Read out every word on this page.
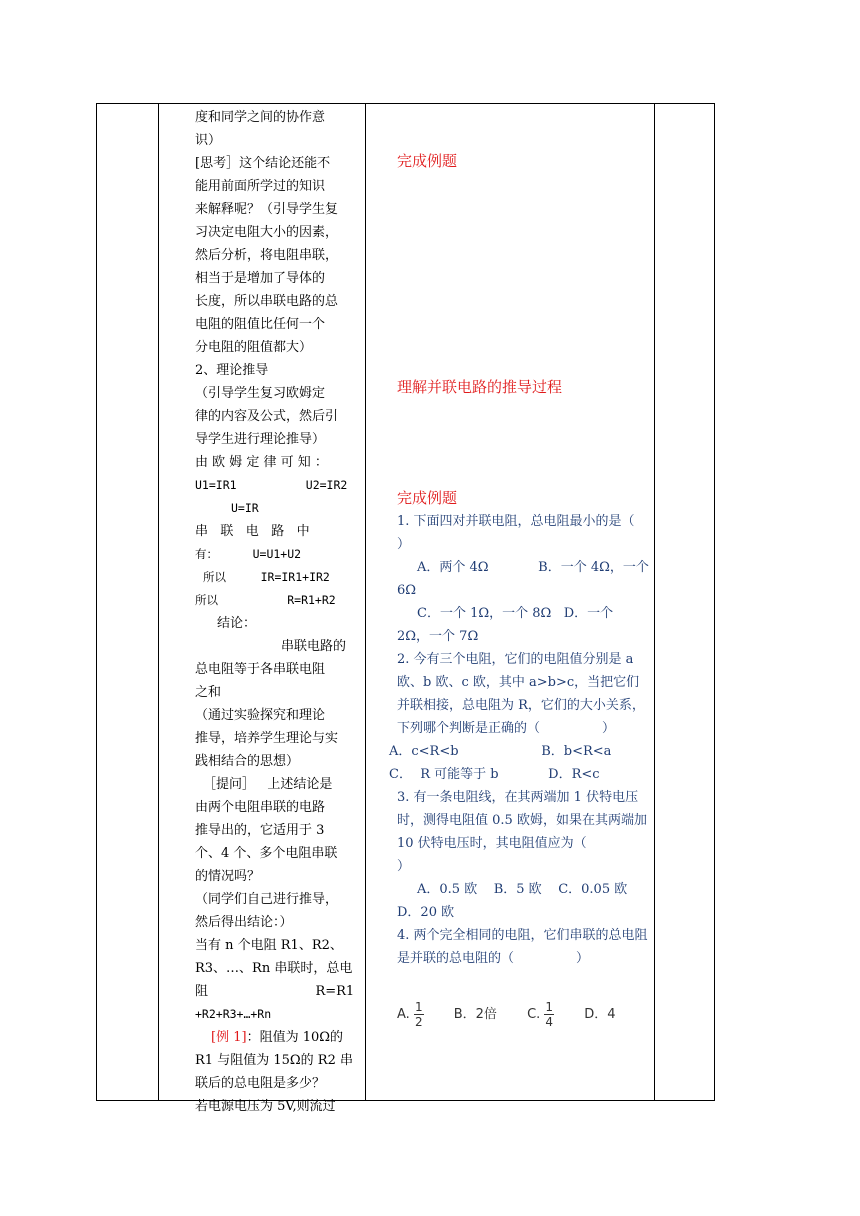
度和同学之间的协作意

识）

[思考］这个结论还能不

能用前面所学过的知识

来解释呢？（引导学生复

习决定电阻大小的因素，

然后分析，将电阻串联，

相当于是增加了导体的

长度，所以串联电路的总

电阻的阻值比任何一个

分电阻的阻值都大）

2、理论推导

（引导学生复习欧姆定

律的内容及公式，然后引

导学生进行理论推导）

由 欧 姆 定 律 可 知 ：

U1=IR1          U2=IR2

U=IR

串   联   电   路   中

有：     U=U1+U2

所以     IR=IR1+IR2

所以          R=R1+R2

结论：

串联电路的

总电阻等于各串联电阻

之和

（通过实验探究和理论

推导，培养学生理论与实

践相结合的思想）

［提问］   上述结论是

由两个电阻串联的电路

推导出的，它适用于 3

个、4 个、多个电阻串联

的情况吗？

（同学们自己进行推导，

然后得出结论：）

当有 n 个电阻 R1、R2、

R3、…、Rn 串联时，总电

阻                          R=R1

+R2+R3+…+Rn

[例 1]：阻值为 10Ω的

R1 与阻值为 15Ω的 R2 串

联后的总电阻是多少？

若电源电压为 5V,则流过

完成例题

理解并联电路的推导过程

完成例题

1. 下面四对并联电阻，总电阻最小的是（               ）

A．两个 4Ω            B．一个 4Ω，一个 6Ω

C．一个 1Ω，一个 8Ω   D．一个 2Ω，一个 7Ω

2. 今有三个电阻，它们的电阻值分别是 a 欧、b 欧、c 欧，其中 a>b>c，当把它们并联相接，总电阻为 R，它们的大小关系，下列哪个判断是正确的（               ）

A．c<R<b                    B．b<R<a

C．  R 可能等于 b            D．R<c

3. 有一条电阻线，在其两端加 1 伏特电压时，测得电阻值 0.5 欧姆，如果在其两端加 10 伏特电压时，其电阻值应为（               ）

A．0.5 欧    B．5 欧    C．0.05 欧    D．20 欧

4. 两个完全相同的电阻，它们串联的总电阻是并联的总电阻的（               ）

A. $\frac{1}{2}$ B．2倍 C. $\frac{1}{4}$ D．4
